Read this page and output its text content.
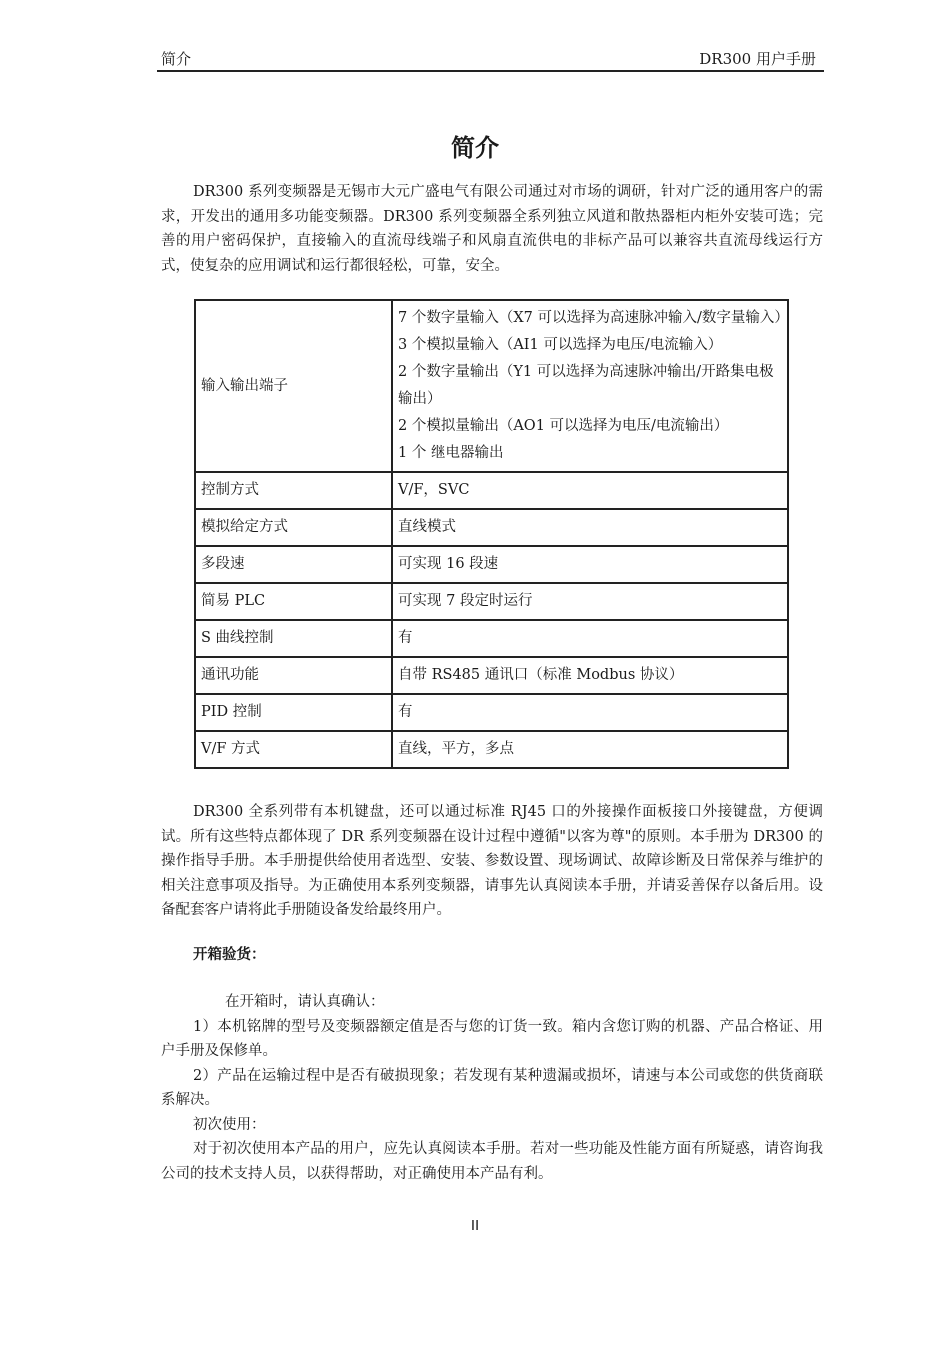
简介	DR300 用户手册
简介

DR300 系列变频器是无锡市大元广盛电气有限公司通过对市场的调研，针对广泛的通用客户的需求，开发出的通用多功能变频器。DR300 系列变频器全系列独立风道和散热器柜内柜外安装可选；完善的用户密码保护，直接输入的直流母线端子和风扇直流供电的非标产品可以兼容共直流母线运行方式，使复杂的应用调试和运行都很轻松，可靠，安全。

输入输出端子	7 个数字量输入（X7 可以选择为高速脉冲输入/数字量输入）
3 个模拟量输入（AI1 可以选择为电压/电流输入）
2 个数字量输出（Y1 可以选择为高速脉冲输出/开路集电极输出）
2 个模拟量输出（AO1 可以选择为电压/电流输出）
1 个 继电器输出

控制方式	V/F，SVC
模拟给定方式	直线模式
多段速	可实现 16 段速
简易 PLC	可实现 7 段定时运行
S 曲线控制	有
通讯功能	自带 RS485 通讯口（标准 Modbus 协议）
PID 控制	有
V/F 方式	直线，平方，多点

DR300 全系列带有本机键盘，还可以通过标准 RJ45 口的外接操作面板接口外接键盘，方便调试。所有这些特点都体现了 DR 系列变频器在设计过程中遵循"以客为尊"的原则。本手册为 DR300 的操作指导手册。本手册提供给使用者选型、安装、参数设置、现场调试、故障诊断及日常保养与维护的相关注意事项及指导。为正确使用本系列变频器，请事先认真阅读本手册，并请妥善保存以备后用。设备配套客户请将此手册随设备发给最终用户。

开箱验货：

在开箱时，请认真确认：

1）本机铭牌的型号及变频器额定值是否与您的订货一致。箱内含您订购的机器、产品合格证、用户手册及保修单。

2）产品在运输过程中是否有破损现象；若发现有某种遗漏或损坏，请速与本公司或您的供货商联系解决。

初次使用：

对于初次使用本产品的用户，应先认真阅读本手册。若对一些功能及性能方面有所疑惑，请咨询我公司的技术支持人员，以获得帮助，对正确使用本产品有利。

II
